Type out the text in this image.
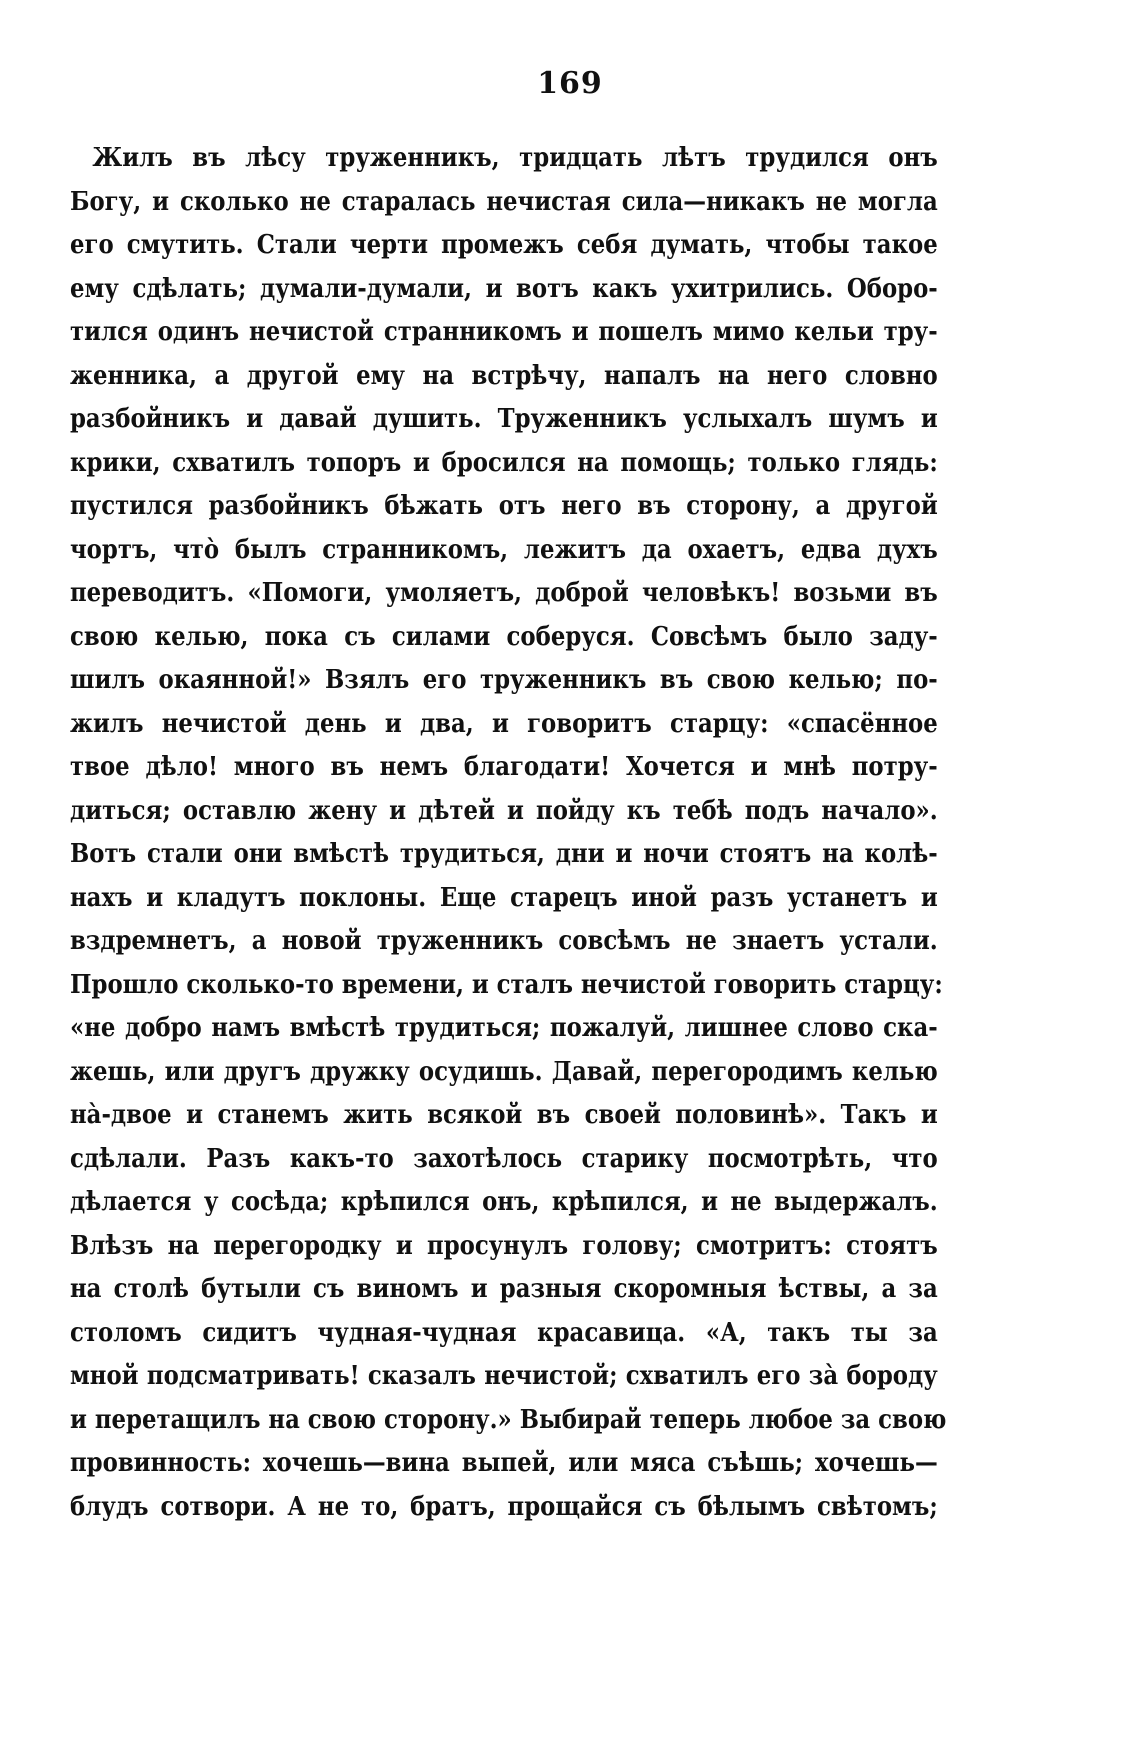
169
Жилъ въ лѣсу труженникъ, тридцать лѣтъ трудился онъ
Богу, и сколько не старалась нечистая сила—никакъ не могла
его смутить. Стали черти промежъ себя думать, чтобы такое
ему сдѣлать; думали-думали, и вотъ какъ ухитрились. Оборо-
тился одинъ нечистой странникомъ и пошелъ мимо кельи тру-
женника, а другой ему на встрѣчу, напалъ на него словно
разбойникъ и давай душить. Труженникъ услыхалъ шумъ и
крики, схватилъ топоръ и бросился на помощь; только глядь:
пустился разбойникъ бѣжать отъ него въ сторону, а другой
чортъ, что̀ былъ странникомъ, лежитъ да охаетъ, едва духъ
переводитъ. «Помоги, умоляетъ, доброй человѣкъ! возьми въ
свою келью, пока съ силами соберуся. Совсѣмъ было заду-
шилъ окаянной!» Взялъ его труженникъ въ свою келью; по-
жилъ нечистой день и два, и говоритъ старцу: «спасённое
твое дѣло! много въ немъ благодати! Хочется и мнѣ потру-
диться; оставлю жену и дѣтей и пойду къ тебѣ подъ начало».
Вотъ стали они вмѣстѣ трудиться, дни и ночи стоятъ на колѣ-
нахъ и кладутъ поклоны. Еще старецъ иной разъ устанетъ и
вздремнетъ, а новой труженникъ совсѣмъ не знаетъ устали.
Прошло сколько-то времени, и сталъ нечистой говорить старцу:
«не добро намъ вмѣстѣ трудиться; пожалуй, лишнее слово ска-
жешь, или другъ дружку осудишь. Давай, перегородимъ келью
на̀-двое и станемъ жить всякой въ своей половинѣ». Такъ и
сдѣлали. Разъ какъ-то захотѣлось старику посмотрѣть, что
дѣлается у сосѣда; крѣпился онъ, крѣпился, и не выдержалъ.
Влѣзъ на перегородку и просунулъ голову; смотритъ: стоятъ
на столѣ бутыли съ виномъ и разныя скоромныя ѣствы, а за
столомъ сидитъ чудная-чудная красавица. «А, такъ ты за
мной подсматривать! сказалъ нечистой; схватилъ его за̀ бороду
и перетащилъ на свою сторону.» Выбирай теперь любое за свою
провинность: хочешь—вина выпей, или мяса съѣшь; хочешь—
блудъ сотвори. А не то, братъ, прощайся съ бѣлымъ свѣтомъ;
